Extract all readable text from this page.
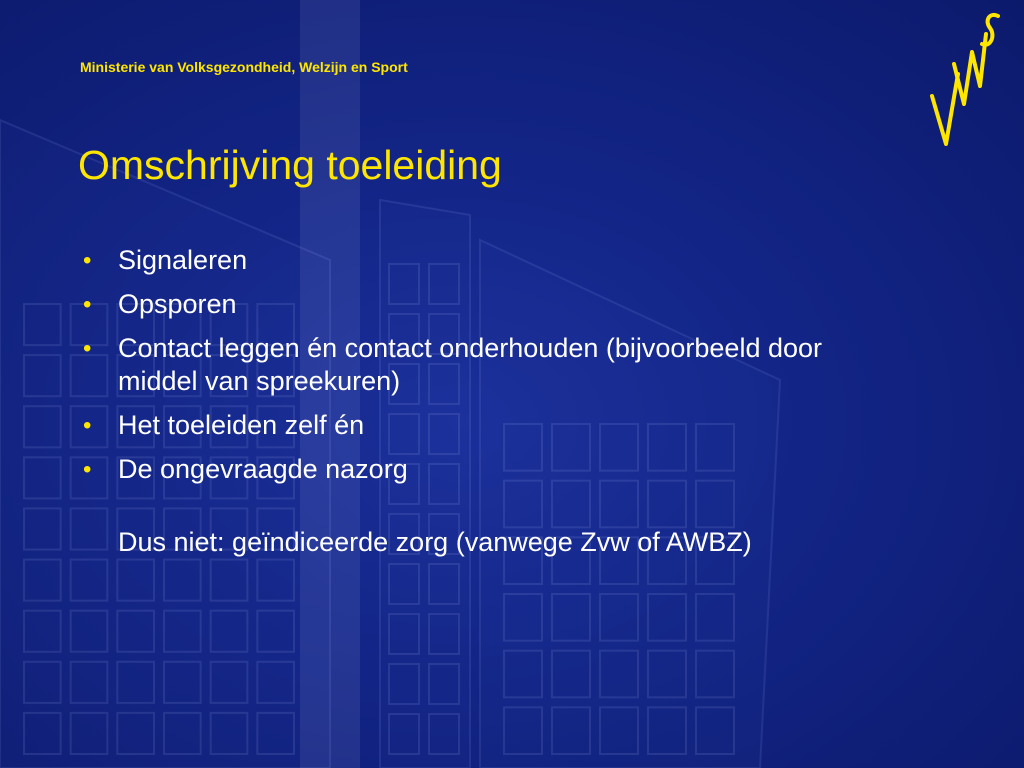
Ministerie van Volksgezondheid, Welzijn en Sport
Omschrijving toeleiding
• Signaleren
• Opsporen
• Contact leggen én contact onderhouden (bijvoorbeeld door middel van spreekuren)
• Het toeleiden zelf én
• De ongevraagde nazorg

Dus niet: geïndiceerde zorg (vanwege Zvw of AWBZ)
